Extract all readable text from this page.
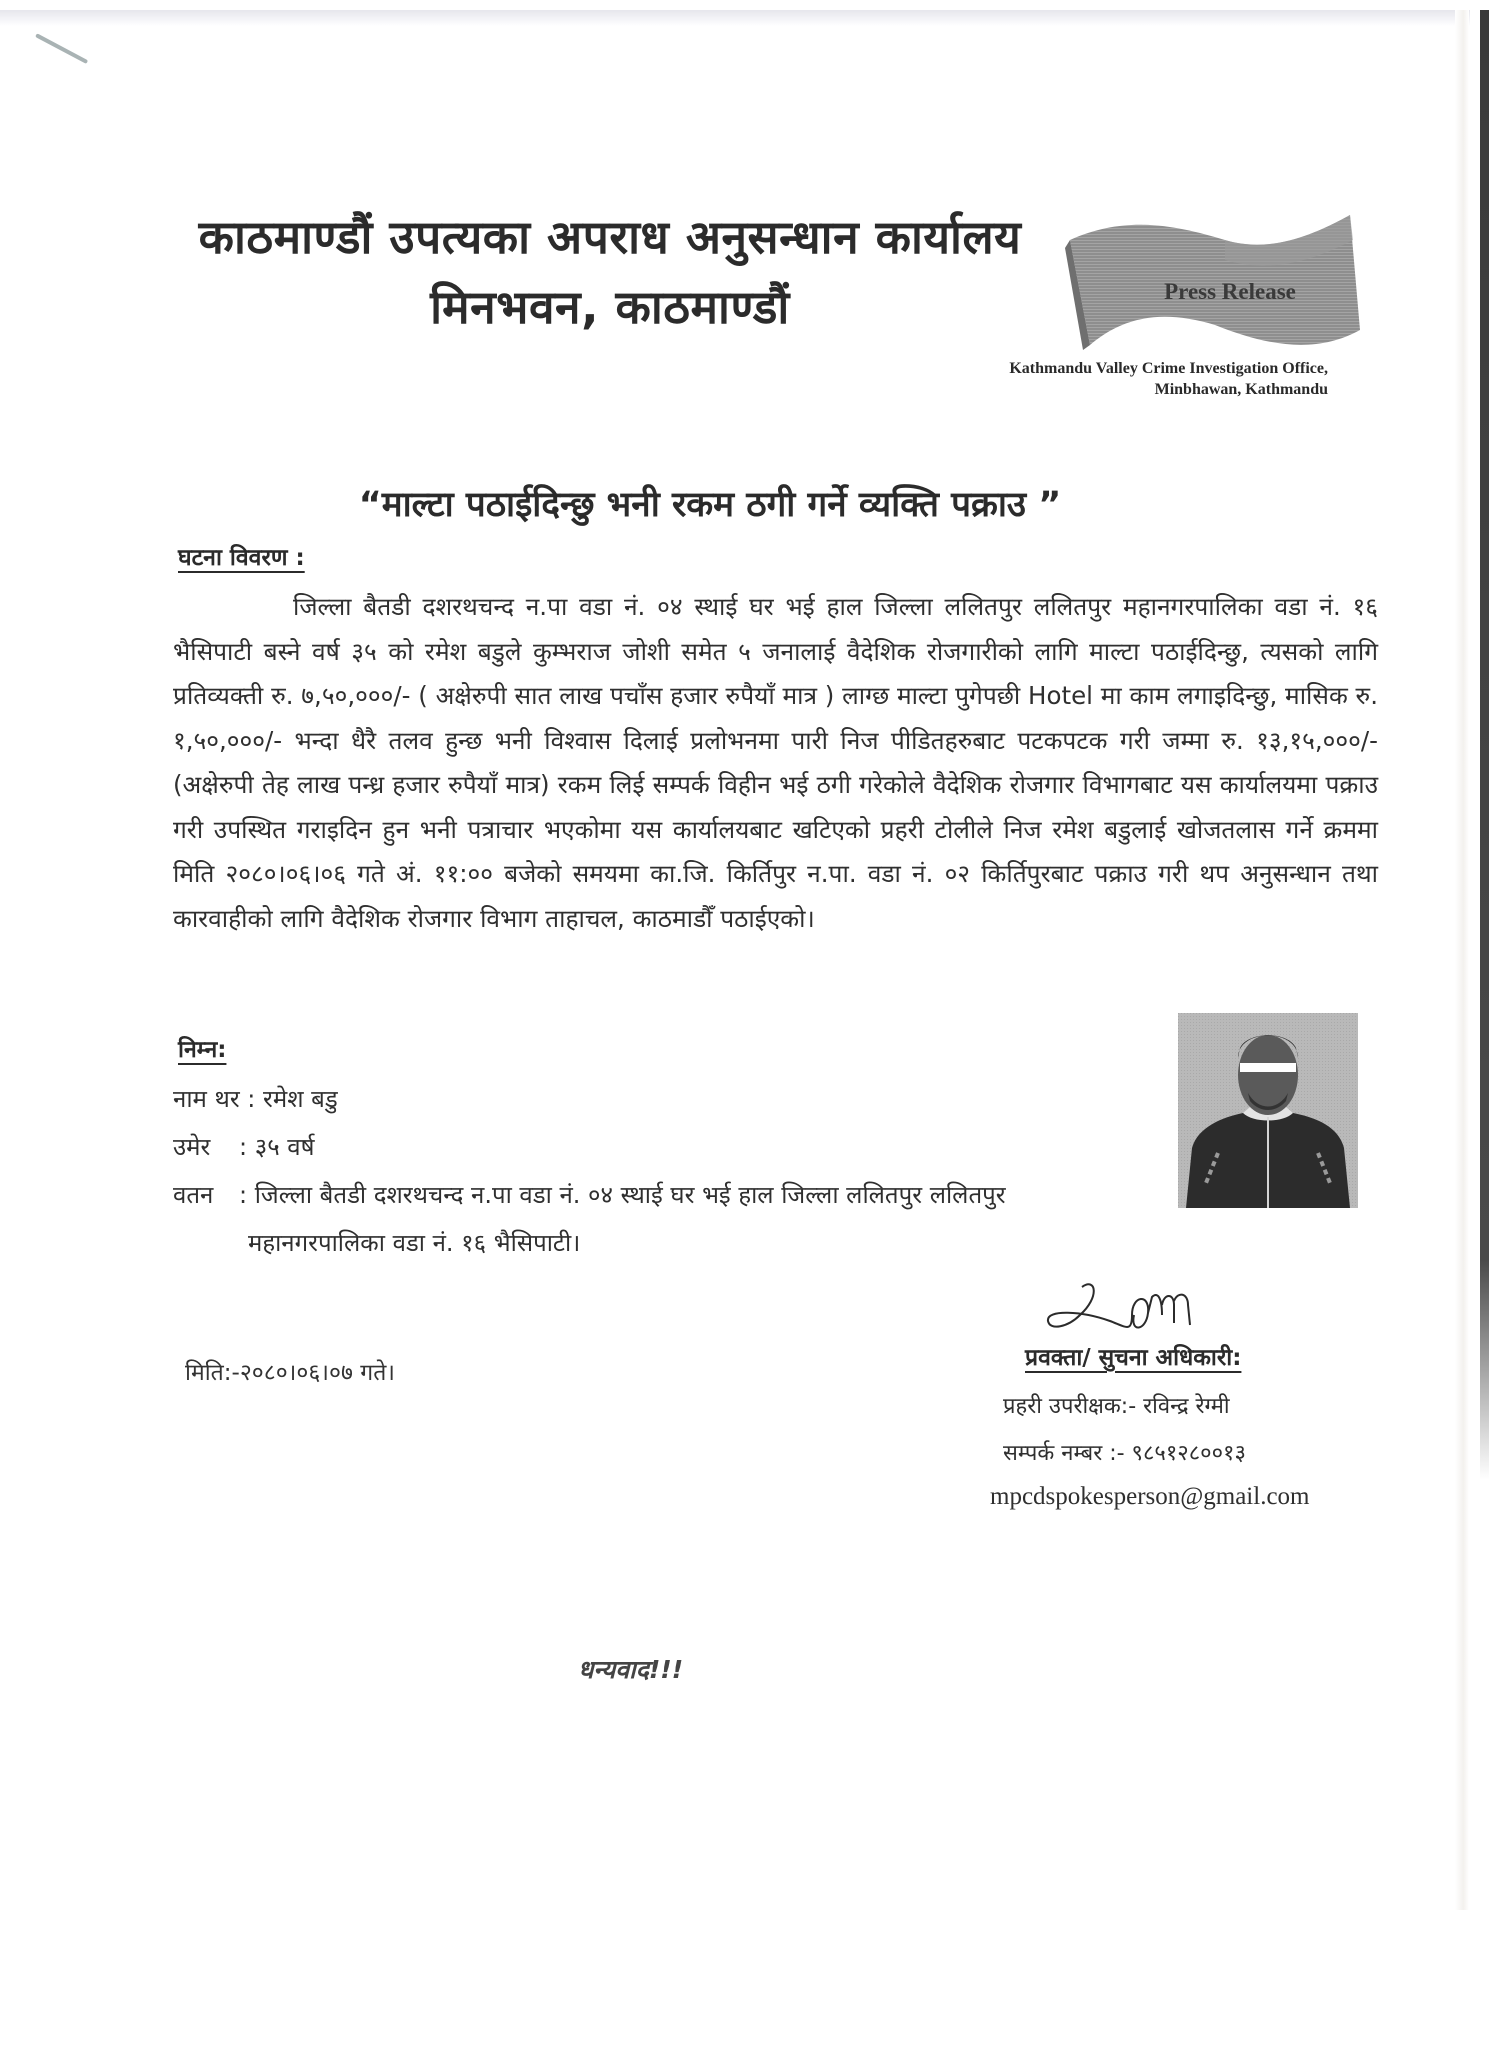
काठमाण्डौं उपत्यका अपराध अनुसन्धान कार्यालय
मिनभवन, काठमाण्डौं	Press Release
Kathmandu Valley Crime Investigation Office,
Minbhawan, Kathmandu
“माल्टा पठाईदिन्छु भनी रकम ठगी गर्ने व्यक्ति पक्राउ ”
घटना विवरण :
जिल्ला बैतडी दशरथचन्द न.पा वडा नं. ०४ स्थाई घर भई हाल जिल्ला ललितपुर ललितपुर महानगरपालिका वडा नं. १६ भैसिपाटी बस्ने वर्ष ३५ को रमेश बडुले कुम्भराज जोशी समेत ५ जनालाई वैदेशिक रोजगारीको लागि माल्टा पठाईदिन्छु, त्यसको लागि प्रतिव्यक्ती रु. ७,५०,०००/- ( अक्षेरुपी सात लाख पचाँस हजार रुपैयाँ मात्र ) लाग्छ माल्टा पुगेपछी Hotel मा काम लगाइदिन्छु, मासिक रु. १,५०,०००/- भन्दा धैरै तलव हुन्छ भनी विश्वास दिलाई प्रलोभनमा पारी निज पीडितहरुबाट पटकपटक गरी जम्मा रु. १३,१५,०००/- (अक्षेरुपी तेह लाख पन्ध्र हजार रुपैयाँ मात्र) रकम लिई सम्पर्क विहीन भई ठगी गरेकोले वैदेशिक रोजगार विभागबाट यस कार्यालयमा पक्राउ गरी उपस्थित गराइदिन हुन भनी पत्राचार भएकोमा यस कार्यालयबाट खटिएको प्रहरी टोलीले निज रमेश बडुलाई खोजतलास गर्ने क्रममा मिति २०८०।०६।०६ गते अं. ११:०० बजेको समयमा का.जि. किर्तिपुर न.पा. वडा नं. ०२ किर्तिपुरबाट पक्राउ गरी थप अनुसन्धान तथा कारवाहीको लागि वैदेशिक रोजगार विभाग ताहाचल, काठमाडौँ पठाईएको।
निम्न:
नाम थर : रमेश बडु
उमेर : ३५ वर्ष
वतन : जिल्ला बैतडी दशरथचन्द न.पा वडा नं. ०४ स्थाई घर भई हाल जिल्ला ललितपुर ललितपुर
महानगरपालिका वडा नं. १६ भैसिपाटी।
मिति:-२०८०।०६।०७ गते।
प्रवक्ता/ सुचना अधिकारी:
प्रहरी उपरीक्षक:- रविन्द्र रेग्मी
सम्पर्क नम्बर :- ९८५१२८००१३
mpcdspokesperson@gmail.com
धन्यवाद!!!
